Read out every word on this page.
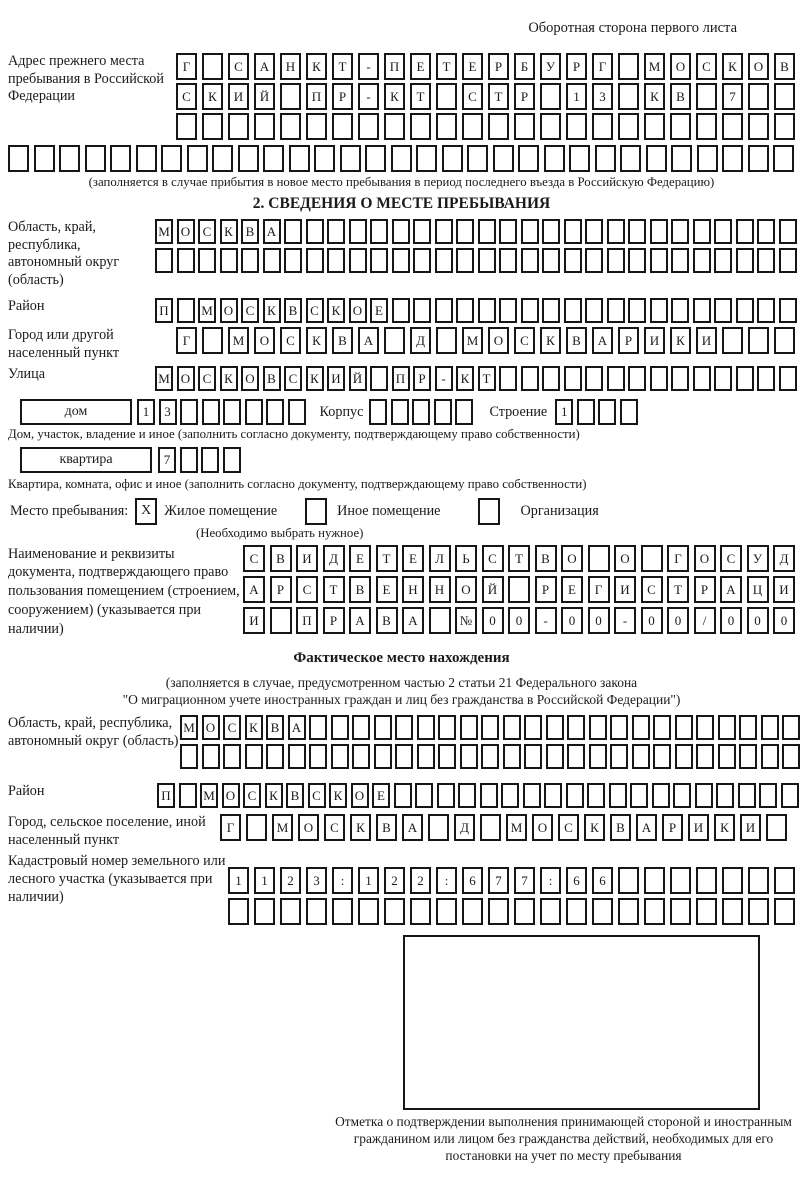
Оборотная сторона первого листа
Адрес прежнего места пребывания в Российской Федерации
Г	С	А	Н	К	Т	-	П	Е	Т	Е	Р	Б	У	Р	Г	М	О	С	К	О	В
С	К	И	Й	П	Р	-	К	Т	С	Т	Р	1	3	К	В	7
(заполняется в случае прибытия в новое место пребывания в период последнего въезда в Российскую Федерацию)
2. СВЕДЕНИЯ О МЕСТЕ ПРЕБЫВАНИЯ
Область, край, республика, автономный округ (область)
М О С К В А
Район	П	М О С К В С К О Е
Город или другой населенный пункт
Г	М	О	С	К	В	А	Д	М	О	С	К	В	А	Р	И	К	И
Улица	М О С К О В С К И Й	П	Р	-	К	Т
дом	1	3	Корпус	Строение	1
Дом, участок, владение и иное (заполнить согласно документу, подтверждающему право собственности)
квартира	7
Квартира, комната, офис и иное (заполнить согласно документу, подтверждающему право собственности)
Место пребывания: X Жилое помещение	Иное помещение	Организация
(Необходимо выбрать нужное)
Наименование и реквизиты документа, подтверждающего право пользования помещением (строением, сооружением) (указывается при наличии)
С	В	И	Д	Е	Т	Е	Л	Ь	С	Т	В	О	О	Г	О	С	У	Д
А	Р	С	Т	В	Е	Н	Н	О	Й	Р	Е	Г	И	С	Т	Р	А	Ц	И
И	П	Р	А	В	А	№	0	0	-	0	0	-	0	0	/	0	0	0
Фактическое место нахождения
(заполняется в случае, предусмотренном частью 2 статьи 21 Федерального закона
"О миграционном учете иностранных граждан и лиц без гражданства в Российской Федерации")
Область, край, республика, автономный округ (область)
М О С К В А
Район	П	М О С К В С К О Е
Город, сельское поселение, иной населенный пункт
Г	М	О	С	К	В	А	Д	М	О	С	К	В	А	Р	И	К	И
Кадастровый номер земельного или лесного участка (указывается при наличии)
1	1	2	3	:	1	2	2	:	6	7	7	:	6	6
Отметка о подтверждении выполнения принимающей стороной и иностранным гражданином или лицом без гражданства действий, необходимых для его постановки на учет по месту пребывания
